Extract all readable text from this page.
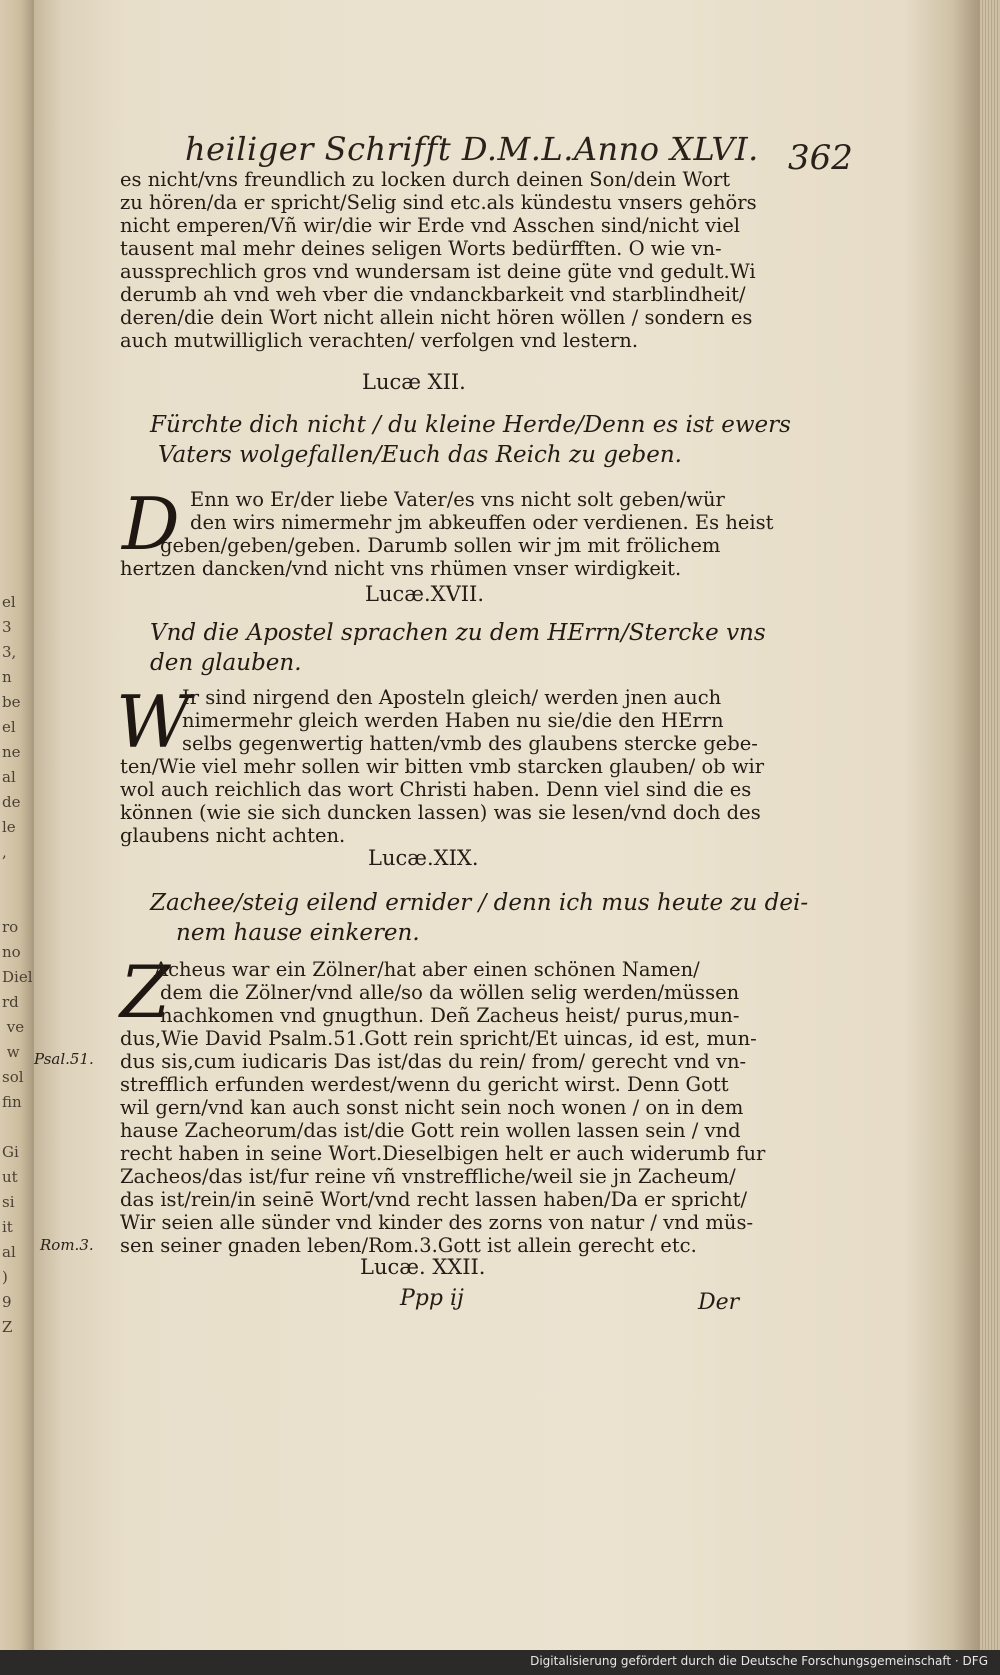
el
3
3,
n
be
el
ne
al
de
le
,

ro
no
Diel
rd
ve
w
sol
fin

Gi
ut
si
it
al
)
9
Z
heiliger Schrifft D.M.L.Anno XLVI. 362
es nicht/vns freundlich zu locken durch deinen Son/dein Wort
zu hören/da er spricht/Selig sind etc.als kündestu vnsers gehörs
nicht emperen/Vñ wir/die wir Erde vnd Asschen sind/nicht viel
tausent mal mehr deines seligen Worts bedürfften. O wie vn-
aussprechlich gros vnd wundersam ist deine güte vnd gedult.Wi
derumb ah vnd weh vber die vndanckbarkeit vnd starblindheit/
deren/die dein Wort nicht allein nicht hören wöllen / sondern es
auch mutwilliglich verachten/ verfolgen vnd lestern.
Lucæ XII.
Fürchte dich nicht / du kleine Herde/Denn es ist ewers
Vaters wolgefallen/Euch das Reich zu geben.
D Enn wo Er/der liebe Vater/es vns nicht solt geben/wür
den wirs nimermehr jm abkeuffen oder verdienen. Es heist
geben/geben/geben. Darumb sollen wir jm mit frölichem
hertzen dancken/vnd nicht vns rhümen vnser wirdigkeit.
Lucæ.XVII.
Vnd die Apostel sprachen zu dem HErrn/Stercke vns
den glauben.
W
Ir sind nirgend den Aposteln gleich/ werden jnen auch
nimermehr gleich werden Haben nu sie/die den HErrn
selbs gegenwertig hatten/vmb des glaubens stercke gebe-
ten/Wie viel mehr sollen wir bitten vmb starcken glauben/ ob wir
wol auch reichlich das wort Christi haben. Denn viel sind die es
können (wie sie sich duncken lassen) was sie lesen/vnd doch des
glaubens nicht achten.
Lucæ.XIX.
Zachee/steig eilend ernider / denn ich mus heute zu dei-
nem hause einkeren.
Z
Acheus war ein Zölner/hat aber einen schönen Namen/
dem die Zölner/vnd alle/so da wöllen selig werden/müssen
nachkomen vnd gnugthun. Deñ Zacheus heist/ purus,mun-
dus,Wie David Psalm.51.Gott rein spricht/Et uincas, id est, mun-
dus sis,cum iudicaris Das ist/das du rein/ from/ gerecht vnd vn-
strefflich erfunden werdest/wenn du gericht wirst. Denn Gott
wil gern/vnd kan auch sonst nicht sein noch wonen / on in dem
hause Zacheorum/das ist/die Gott rein wollen lassen sein / vnd
recht haben in seine Wort.Dieselbigen helt er auch widerumb fur
Zacheos/das ist/fur reine vñ vnstreffliche/weil sie jn Zacheum/
das ist/rein/in seinē Wort/vnd recht lassen haben/Da er spricht/
Wir seien alle sünder vnd kinder des zorns von natur / vnd müs-
sen seiner gnaden leben/Rom.3.Gott ist allein gerecht etc.
Psal.51.
Rom.3.
Lucæ. XXII.
Ppp ij	Der
Digitalisierung gefördert durch die Deutsche Forschungsgemeinschaft · DFG
